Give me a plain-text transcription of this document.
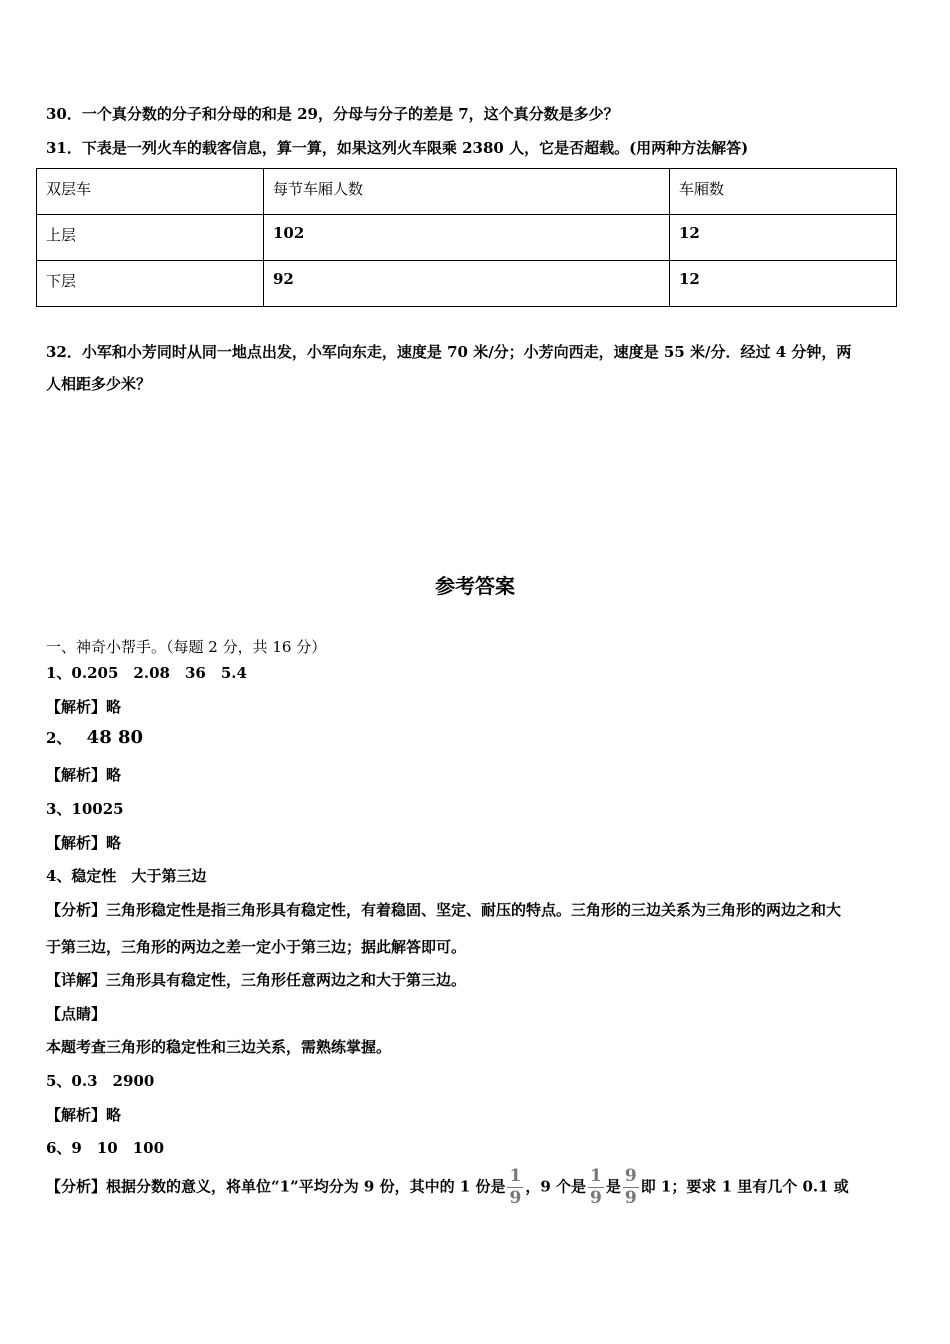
30．一个真分数的分子和分母的和是 29，分母与分子的差是 7，这个真分数是多少？
31．下表是一列火车的载客信息，算一算，如果这列火车限乘 2380 人，它是否超载。(用两种方法解答)
双层车	每节车厢人数	车厢数
上层	102	12
下层	92	12
32．小军和小芳同时从同一地点出发，小军向东走，速度是 70 米/分；小芳向西走，速度是 55 米/分．经过 4 分钟，两
人相距多少米？
参考答案
一、神奇小帮手。（每题 2 分，共 16 分）
1、0.205　2.08　36　5.4
【解析】略
2、 48 80
【解析】略
3、10025
【解析】略
4、稳定性　大于第三边
【分析】三角形稳定性是指三角形具有稳定性，有着稳固、坚定、耐压的特点。三角形的三边关系为三角形的两边之和大
于第三边，三角形的两边之差一定小于第三边；据此解答即可。
【详解】三角形具有稳定性，三角形任意两边之和大于第三边。
【点睛】
本题考查三角形的稳定性和三边关系，需熟练掌握。
5、0.3　2900
【解析】略
6、9　10　100
【分析】根据分数的意义，将单位“1”平均分为 9 份，其中的 1 份是 $\frac{1}{9}$ ，9 个是 $\frac{1}{9}$ 是 $\frac{9}{9}$ 即 1；要求 1 里有几个 0.1 或
